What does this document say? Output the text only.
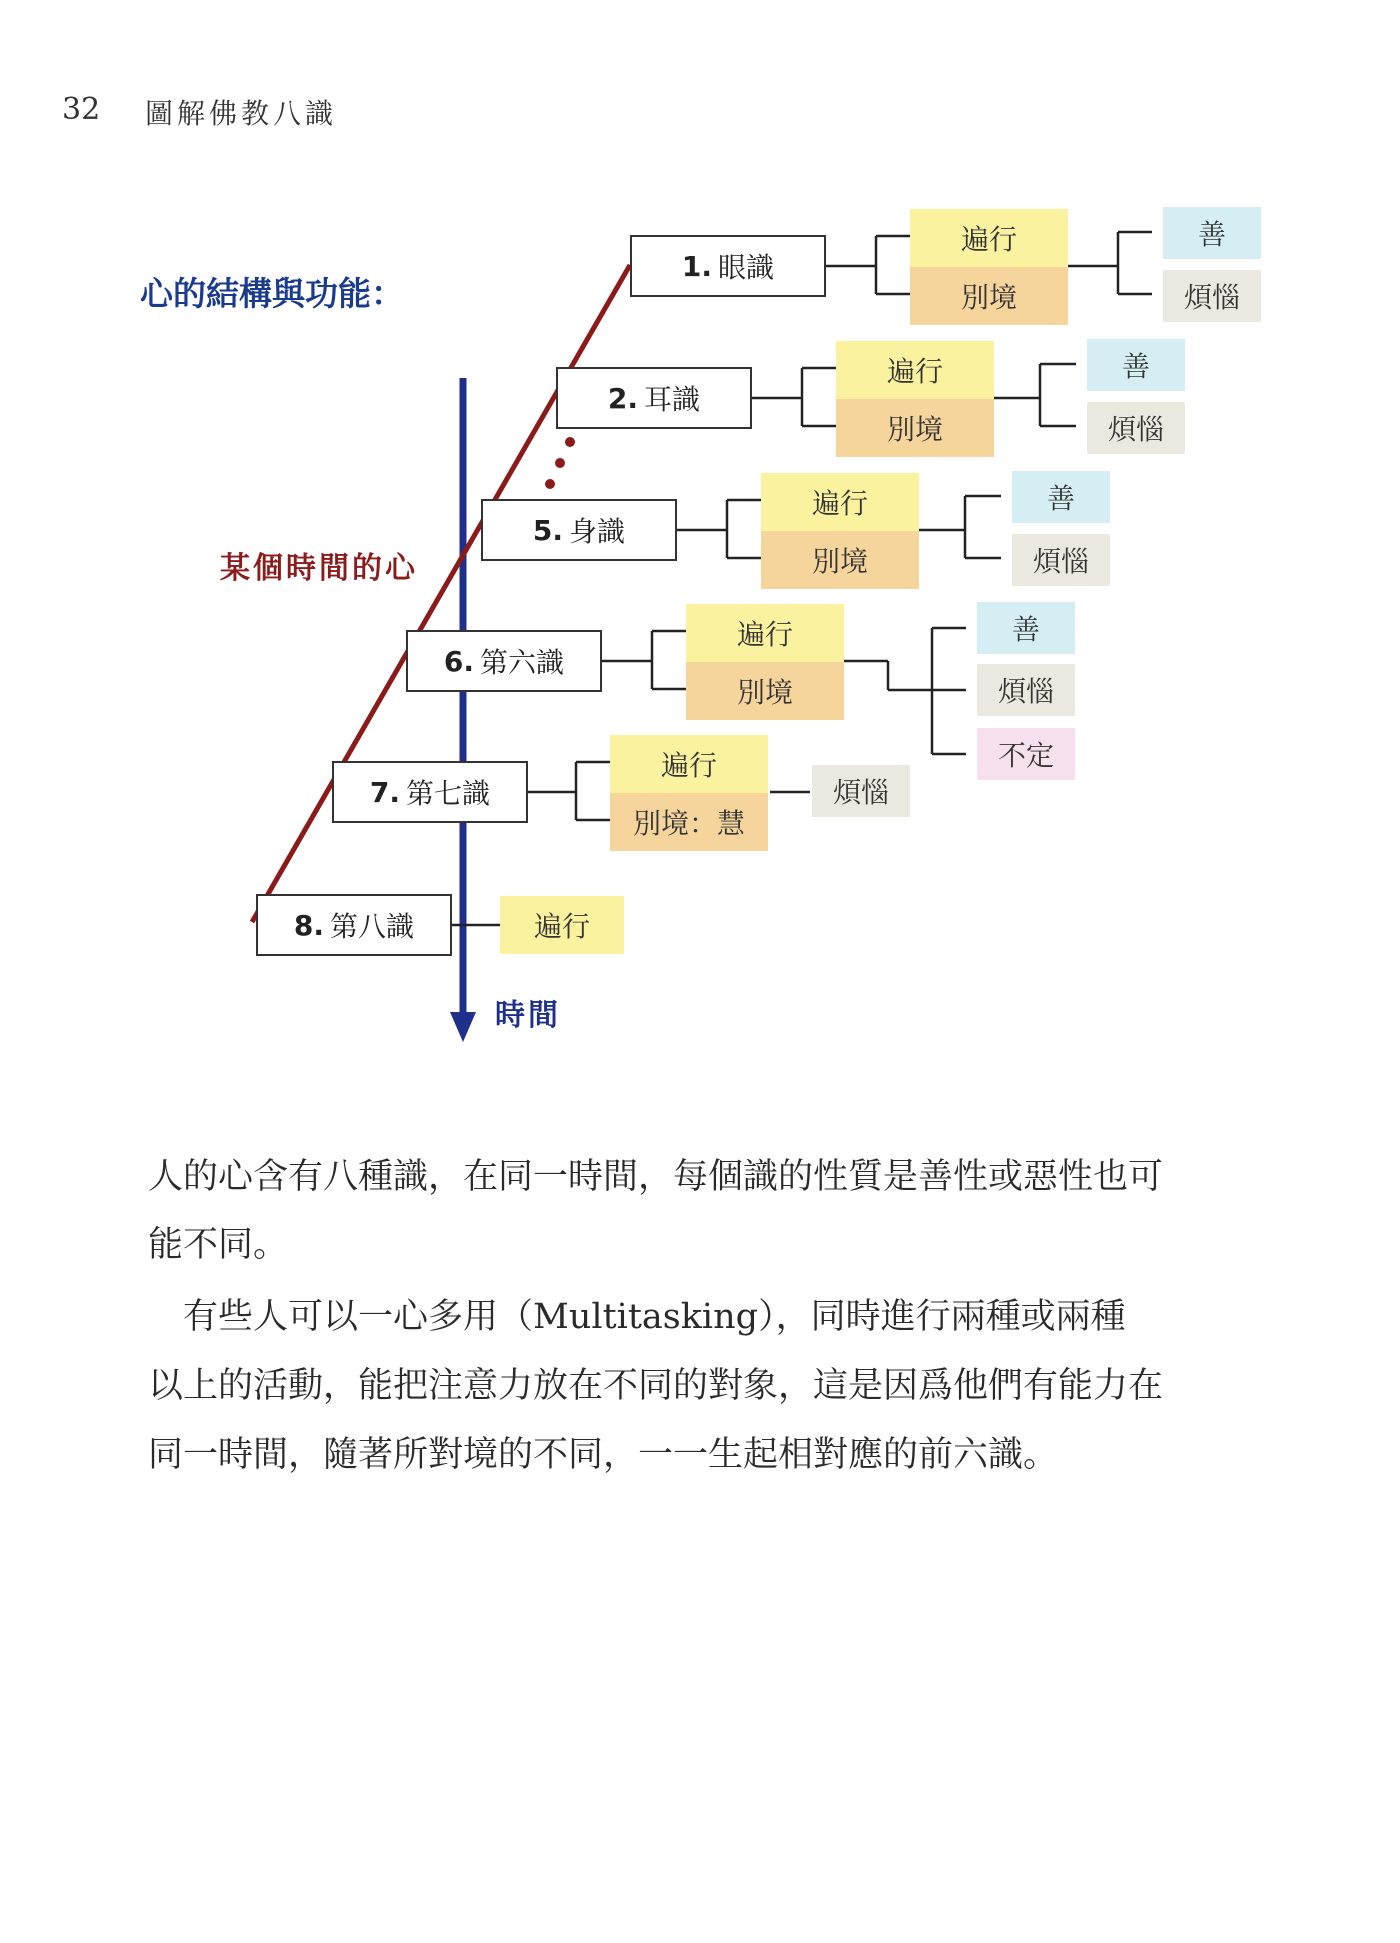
32 圖解佛教八識
心的結構與功能：
某個時間的心
時間
1. 眼識
遍行
別境
善
煩惱
2. 耳識
遍行
別境
善
煩惱
5. 身識
遍行
別境
善
煩惱
6. 第六識
遍行
別境
善
煩惱
不定
7. 第七識
遍行
別境：慧
煩惱
8. 第八識	遍行
人的心含有八種識，在同一時間，每個識的性質是善性或惡性也可
能不同。
　有些人可以一心多用（Multitasking），同時進行兩種或兩種
以上的活動，能把注意力放在不同的對象，這是因爲他們有能力在
同一時間，隨著所對境的不同，一一生起相對應的前六識。
